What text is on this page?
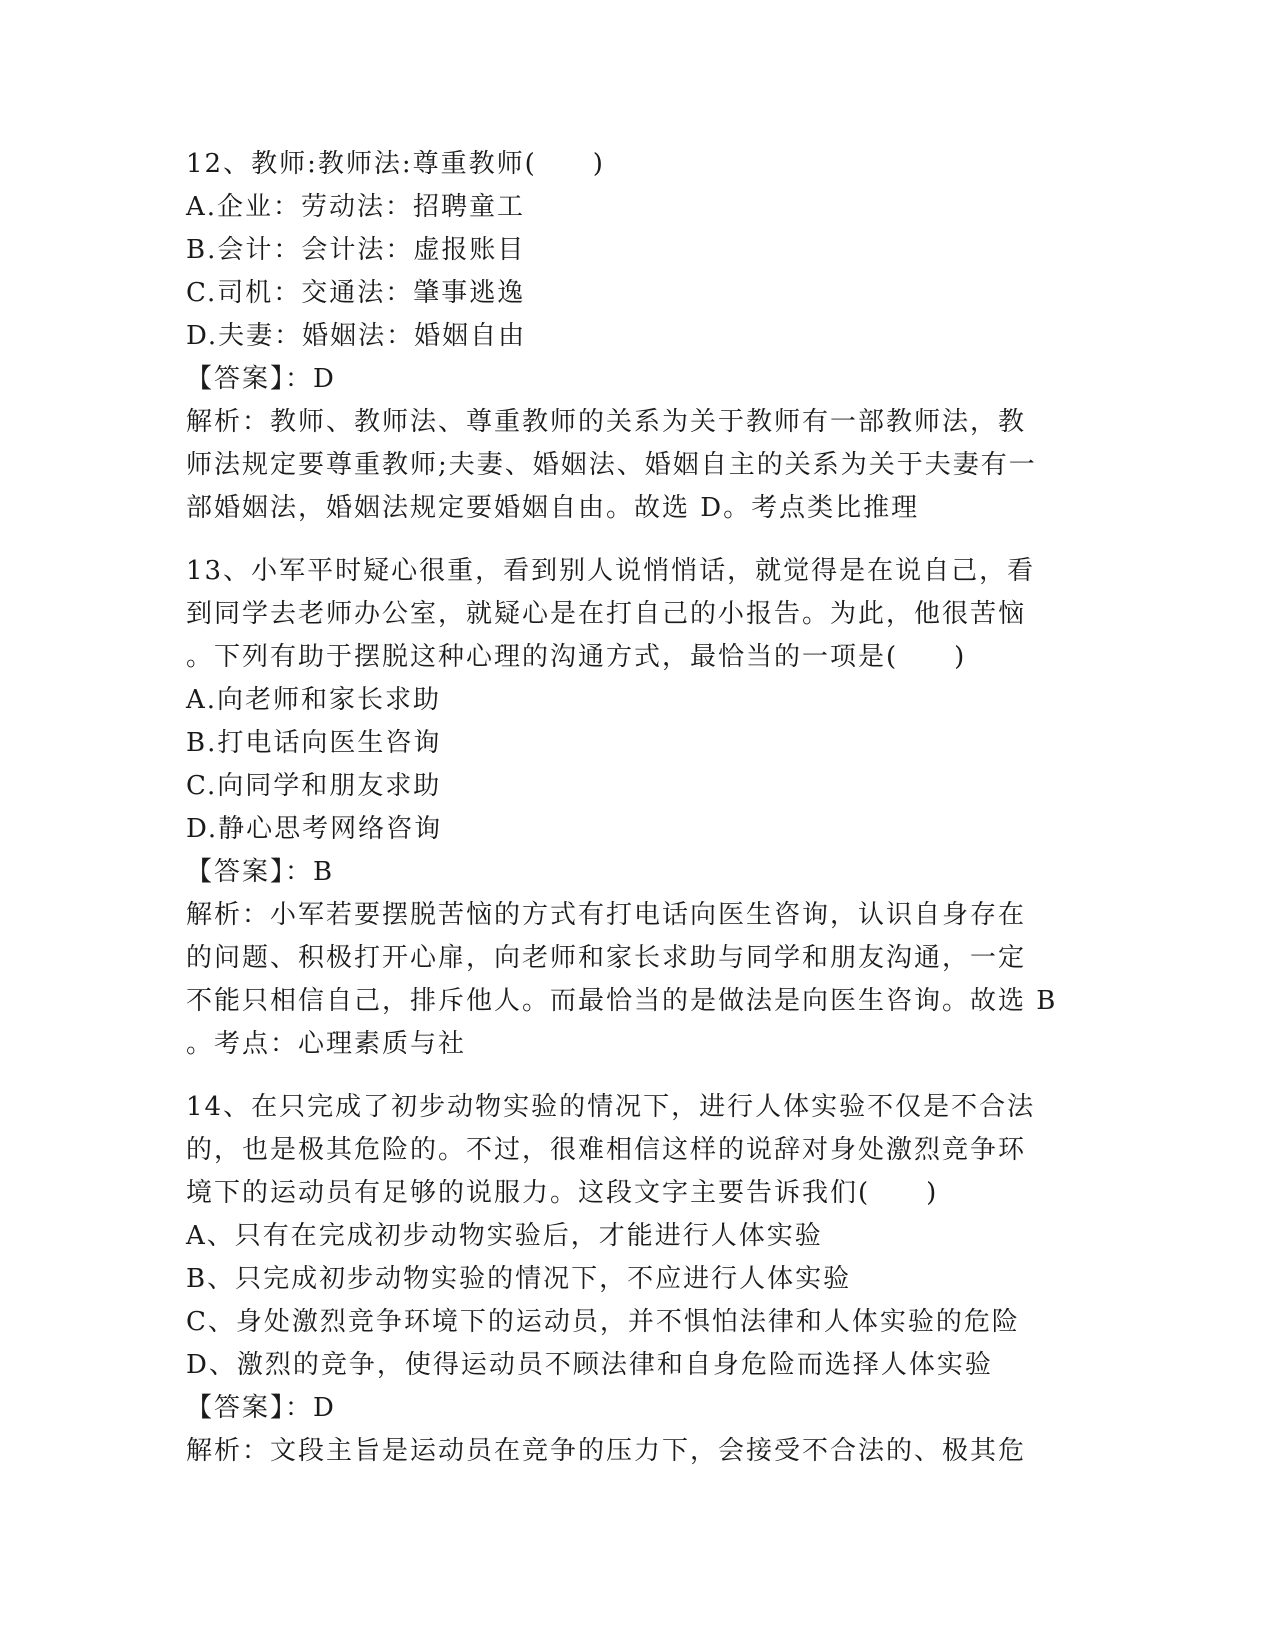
12、教师:教师法:尊重教师(　　)
A.企业：劳动法：招聘童工
B.会计：会计法：虚报账目
C.司机：交通法：肇事逃逸
D.夫妻：婚姻法：婚姻自由
【答案】：D
解析：教师、教师法、尊重教师的关系为关于教师有一部教师法，教
师法规定要尊重教师;夫妻、婚姻法、婚姻自主的关系为关于夫妻有一
部婚姻法，婚姻法规定要婚姻自由。故选 D。考点类比推理
13、小军平时疑心很重，看到别人说悄悄话，就觉得是在说自己，看
到同学去老师办公室，就疑心是在打自己的小报告。为此，他很苦恼
。下列有助于摆脱这种心理的沟通方式，最恰当的一项是(　　)
A.向老师和家长求助
B.打电话向医生咨询
C.向同学和朋友求助
D.静心思考网络咨询
【答案】：B
解析：小军若要摆脱苦恼的方式有打电话向医生咨询，认识自身存在
的问题、积极打开心扉，向老师和家长求助与同学和朋友沟通，一定
不能只相信自己，排斥他人。而最恰当的是做法是向医生咨询。故选 B
。考点：心理素质与社
14、在只完成了初步动物实验的情况下，进行人体实验不仅是不合法
的，也是极其危险的。不过，很难相信这样的说辞对身处激烈竞争环
境下的运动员有足够的说服力。这段文字主要告诉我们(　　)
A、只有在完成初步动物实验后，才能进行人体实验
B、只完成初步动物实验的情况下，不应进行人体实验
C、身处激烈竞争环境下的运动员，并不惧怕法律和人体实验的危险
D、激烈的竞争，使得运动员不顾法律和自身危险而选择人体实验
【答案】：D
解析：文段主旨是运动员在竞争的压力下，会接受不合法的、极其危
